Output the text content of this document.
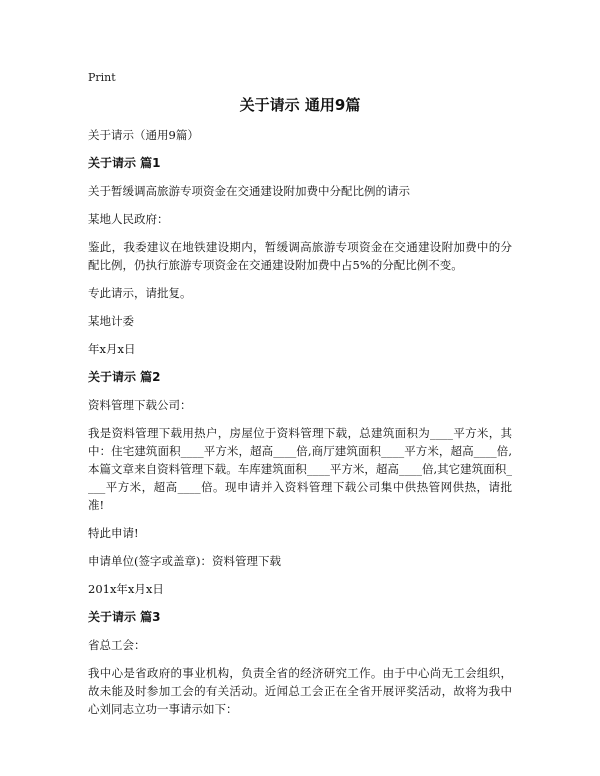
Print
关于请示 通用9篇

关于请示（通用9篇）

关于请示 篇1

关于暂缓调高旅游专项资金在交通建设附加费中分配比例的请示

某地人民政府：

鉴此，我委建议在地铁建设期内，暂缓调高旅游专项资金在交通建设附加费中的分配比例，仍执行旅游专项资金在交通建设附加费中占5%的分配比例不变。

专此请示，请批复。

某地计委

年x月x日

关于请示 篇2

资料管理下载公司：

我是资料管理下载用热户，房屋位于资料管理下载，总建筑面积为____平方米，其中：住宅建筑面积____平方米，超高____倍,商厅建筑面积____平方米，超高____倍,本篇文章来自资料管理下载。车库建筑面积____平方米，超高____倍,其它建筑面积____平方米，超高____倍。现申请并入资料管理下载公司集中供热管网供热，请批准!

特此申请!

申请单位(签字或盖章)：资料管理下载

201x年x月x日

关于请示 篇3

省总工会：

我中心是省政府的事业机构，负责全省的经济研究工作。由于中心尚无工会组织，故未能及时参加工会的有关活动。近闻总工会正在全省开展评奖活动，故将为我中心刘同志立功一事请示如下：
